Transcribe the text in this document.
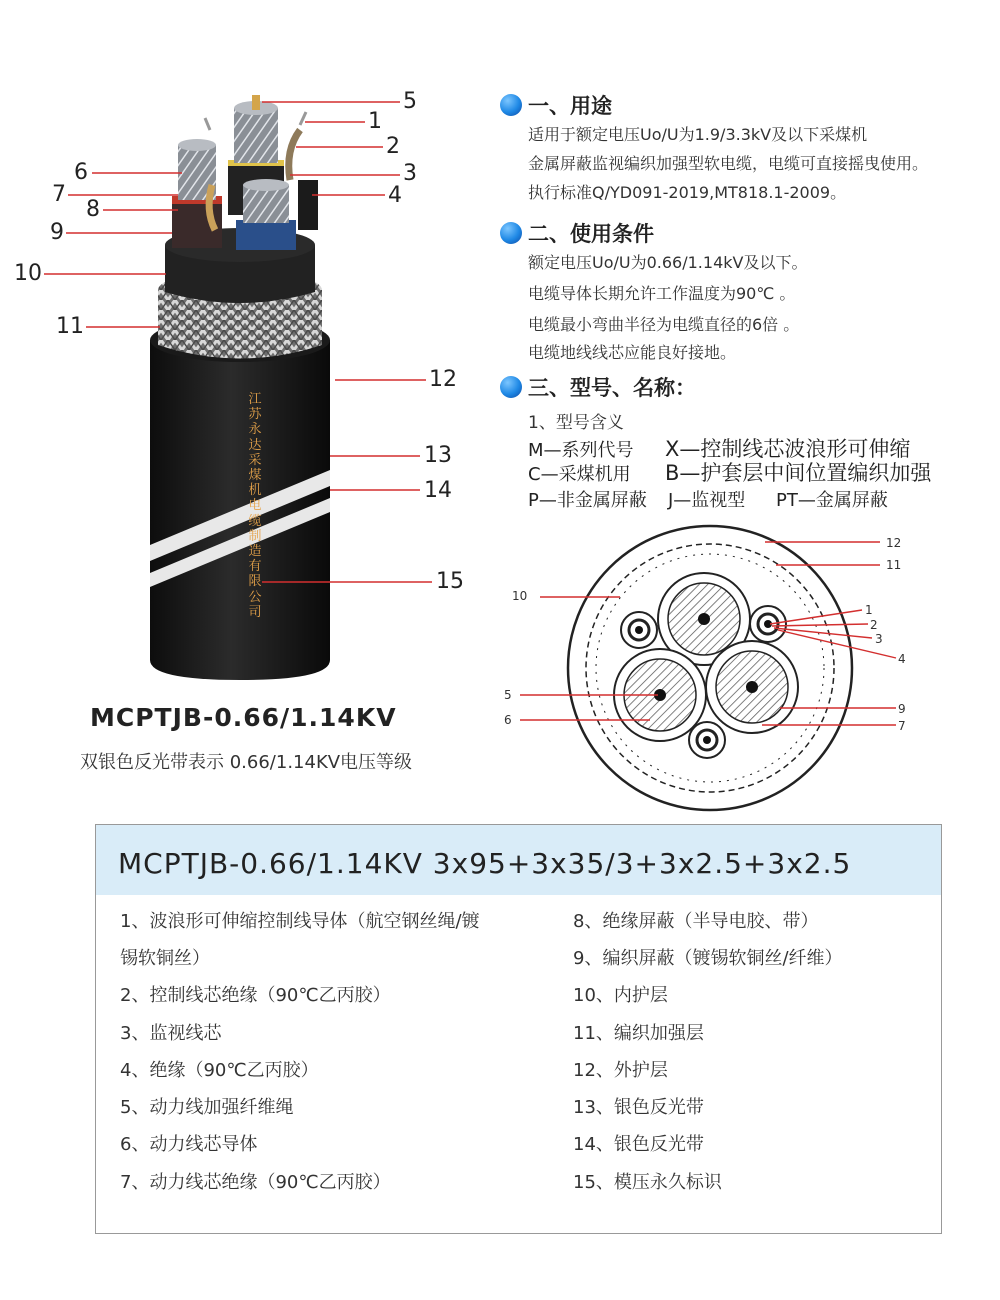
5
1
2
3
4
6
7
8
9
10
11
12
13
14
15
江苏永达采煤机电缆制造有限公司
一、用途
适用于额定电压Uo/U为1.9/3.3kV及以下采煤机
金属屏蔽监视编织加强型软电缆，电缆可直接摇曳使用。
执行标准Q/YD091-2019,MT818.1-2009。
二、使用条件
额定电压Uo/U为0.66/1.14kV及以下。
电缆导体长期允许工作温度为90℃ 。
电缆最小弯曲半径为电缆直径的6倍 。
电缆地线线芯应能良好接地。
三、型号、名称：
1、型号含义
M—系列代号 X—控制线芯波浪形可伸缩
C—采煤机用 B—护套层中间位置编织加强
P—非金属屏蔽 J—监视型 PT—金属屏蔽
12
11
10
1
2
3
4
5
6
9
7
MCPTJB-0.66/1.14KV
双银色反光带表示 0.66/1.14KV电压等级
MCPTJB-0.66/1.14KV 3x95+3x35/3+3x2.5+3x2.5
1、波浪形可伸缩控制线导体（航空钢丝绳/镀
锡软铜丝）
2、控制线芯绝缘（90℃乙丙胶）
3、监视线芯
4、绝缘（90℃乙丙胶）
5、动力线加强纤维绳
6、动力线芯导体
7、动力线芯绝缘（90℃乙丙胶）
8、绝缘屏蔽（半导电胶、带）
9、编织屏蔽（镀锡软铜丝/纤维）
10、内护层
11、编织加强层
12、外护层
13、银色反光带
14、银色反光带
15、模压永久标识
